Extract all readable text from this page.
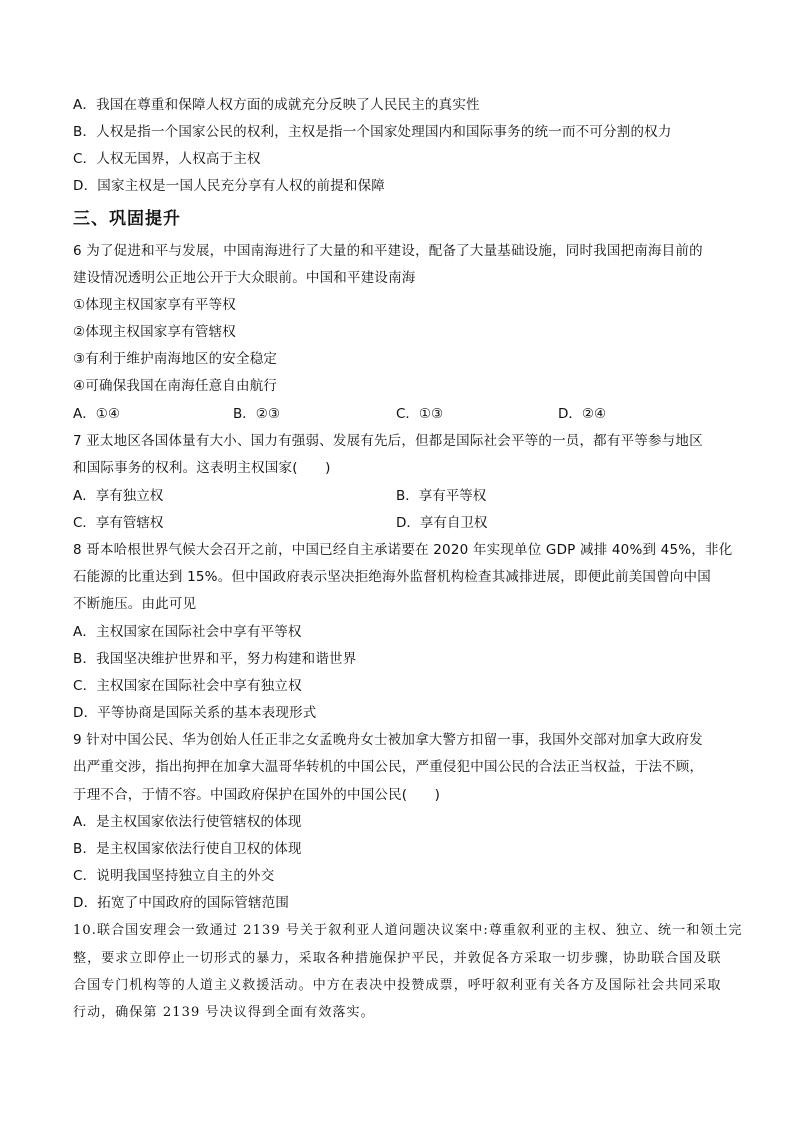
A．我国在尊重和保障人权方面的成就充分反映了人民民主的真实性
B．人权是指一个国家公民的权利，主权是指一个国家处理国内和国际事务的统一而不可分割的权力
C．人权无国界，人权高于主权
D．国家主权是一国人民充分享有人权的前提和保障
三、巩固提升
6 为了促进和平与发展，中国南海进行了大量的和平建设，配备了大量基础设施，同时我国把南海目前的
建设情况透明公正地公开于大众眼前。中国和平建设南海
①体现主权国家享有平等权
②体现主权国家享有管辖权
③有利于维护南海地区的安全稳定
④可确保我国在南海任意自由航行
A．①④	B．②③	C．①③	D．②④
7 亚太地区各国体量有大小、国力有强弱、发展有先后，但都是国际社会平等的一员，都有平等参与地区
和国际事务的权利。这表明主权国家(　　)
A．享有独立权	B．享有平等权
C．享有管辖权	D．享有自卫权
8 哥本哈根世界气候大会召开之前，中国已经自主承诺要在 2020 年实现单位 GDP 减排 40%到 45%，非化
石能源的比重达到 15%。但中国政府表示坚决拒绝海外监督机构检查其减排进展，即便此前美国曾向中国
不断施压。由此可见
A．主权国家在国际社会中享有平等权
B．我国坚决维护世界和平，努力构建和谐世界
C．主权国家在国际社会中享有独立权
D．平等协商是国际关系的基本表现形式
9 针对中国公民、华为创始人任正非之女孟晚舟女士被加拿大警方扣留一事，我国外交部对加拿大政府发
出严重交涉，指出拘押在加拿大温哥华转机的中国公民，严重侵犯中国公民的合法正当权益，于法不顾，
于理不合，于情不容。中国政府保护在国外的中国公民(　　)
A．是主权国家依法行使管辖权的体现
B．是主权国家依法行使自卫权的体现
C．说明我国坚持独立自主的外交
D．拓宽了中国政府的国际管辖范围
10.联合国安理会一致通过 2139 号关于叙利亚人道问题决议案中:尊重叙利亚的主权、独立、统一和领土完
整，要求立即停止一切形式的暴力，采取各种措施保护平民，并敦促各方采取一切步骤，协助联合国及联
合国专门机构等的人道主义救援活动。中方在表决中投赞成票，呼吁叙利亚有关各方及国际社会共同采取
行动，确保第 2139 号决议得到全面有效落实。
